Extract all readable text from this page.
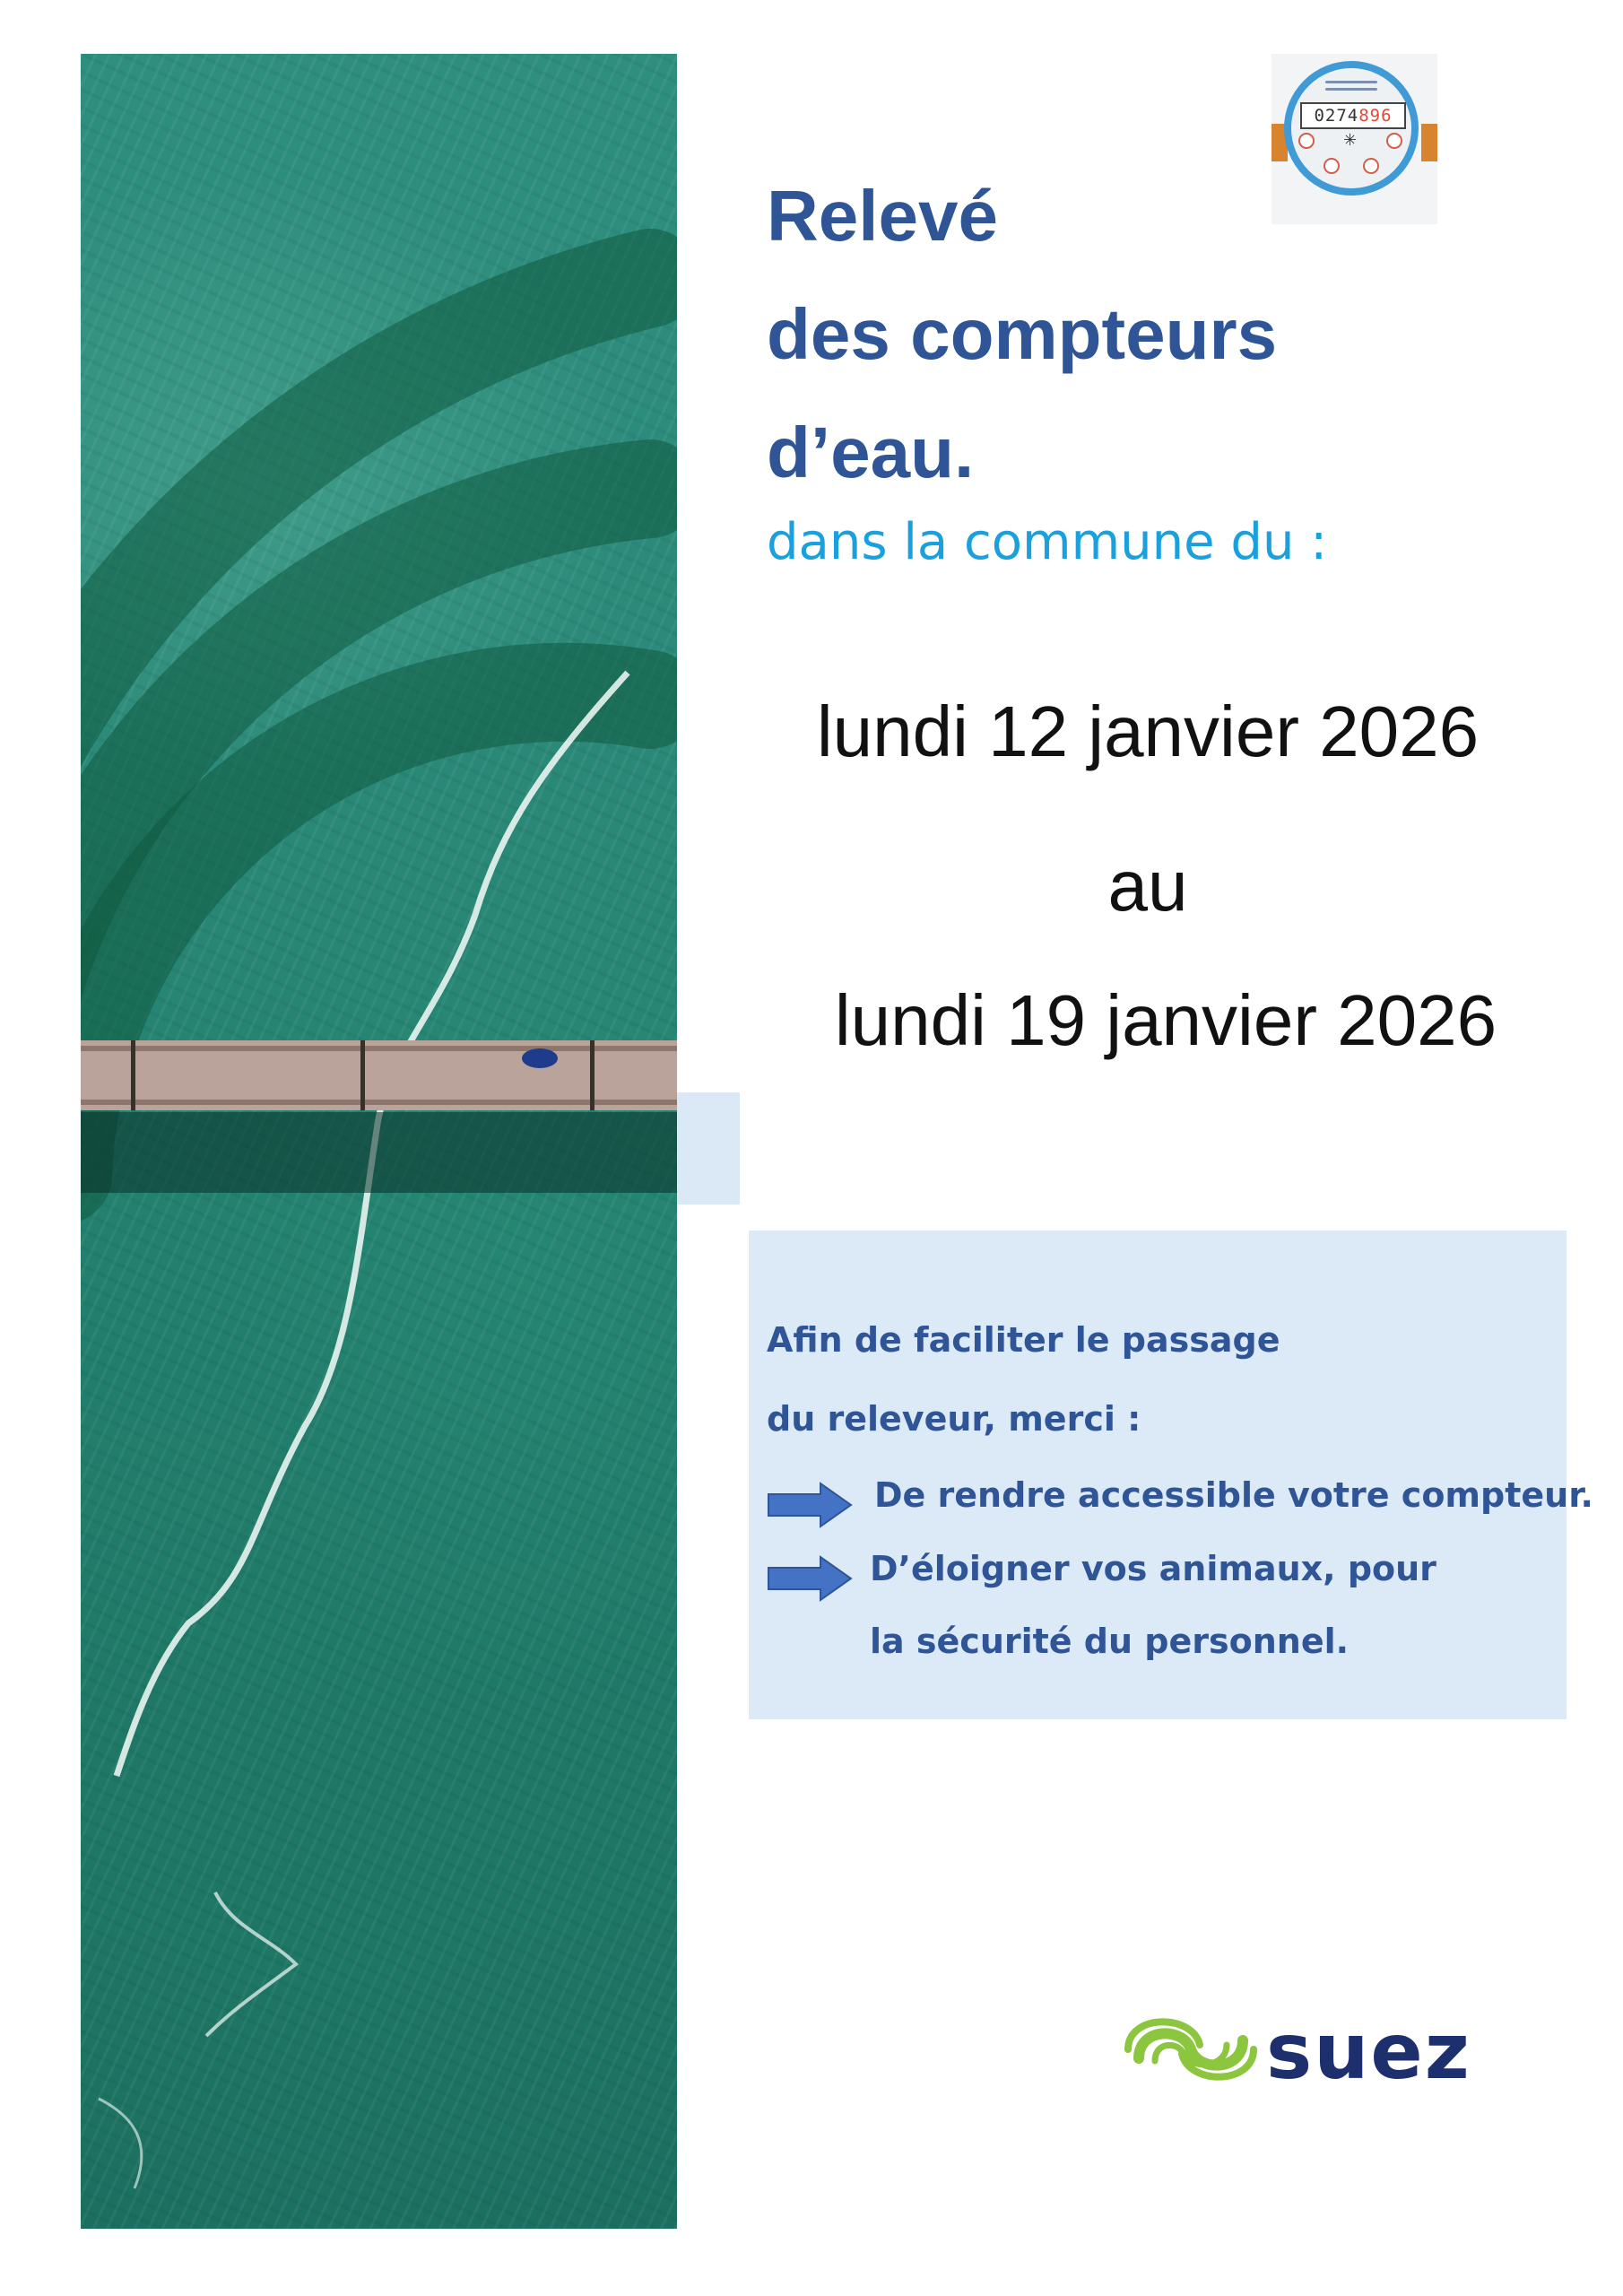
0274896
✳
Relevé
des compteurs
d’eau.
dans la commune du :
lundi 12 janvier 2026
au
lundi 19 janvier 2026
Afin de faciliter le passage
du releveur, merci :
De rendre accessible votre compteur.
D’éloigner vos animaux, pour
la sécurité du personnel.
suez
